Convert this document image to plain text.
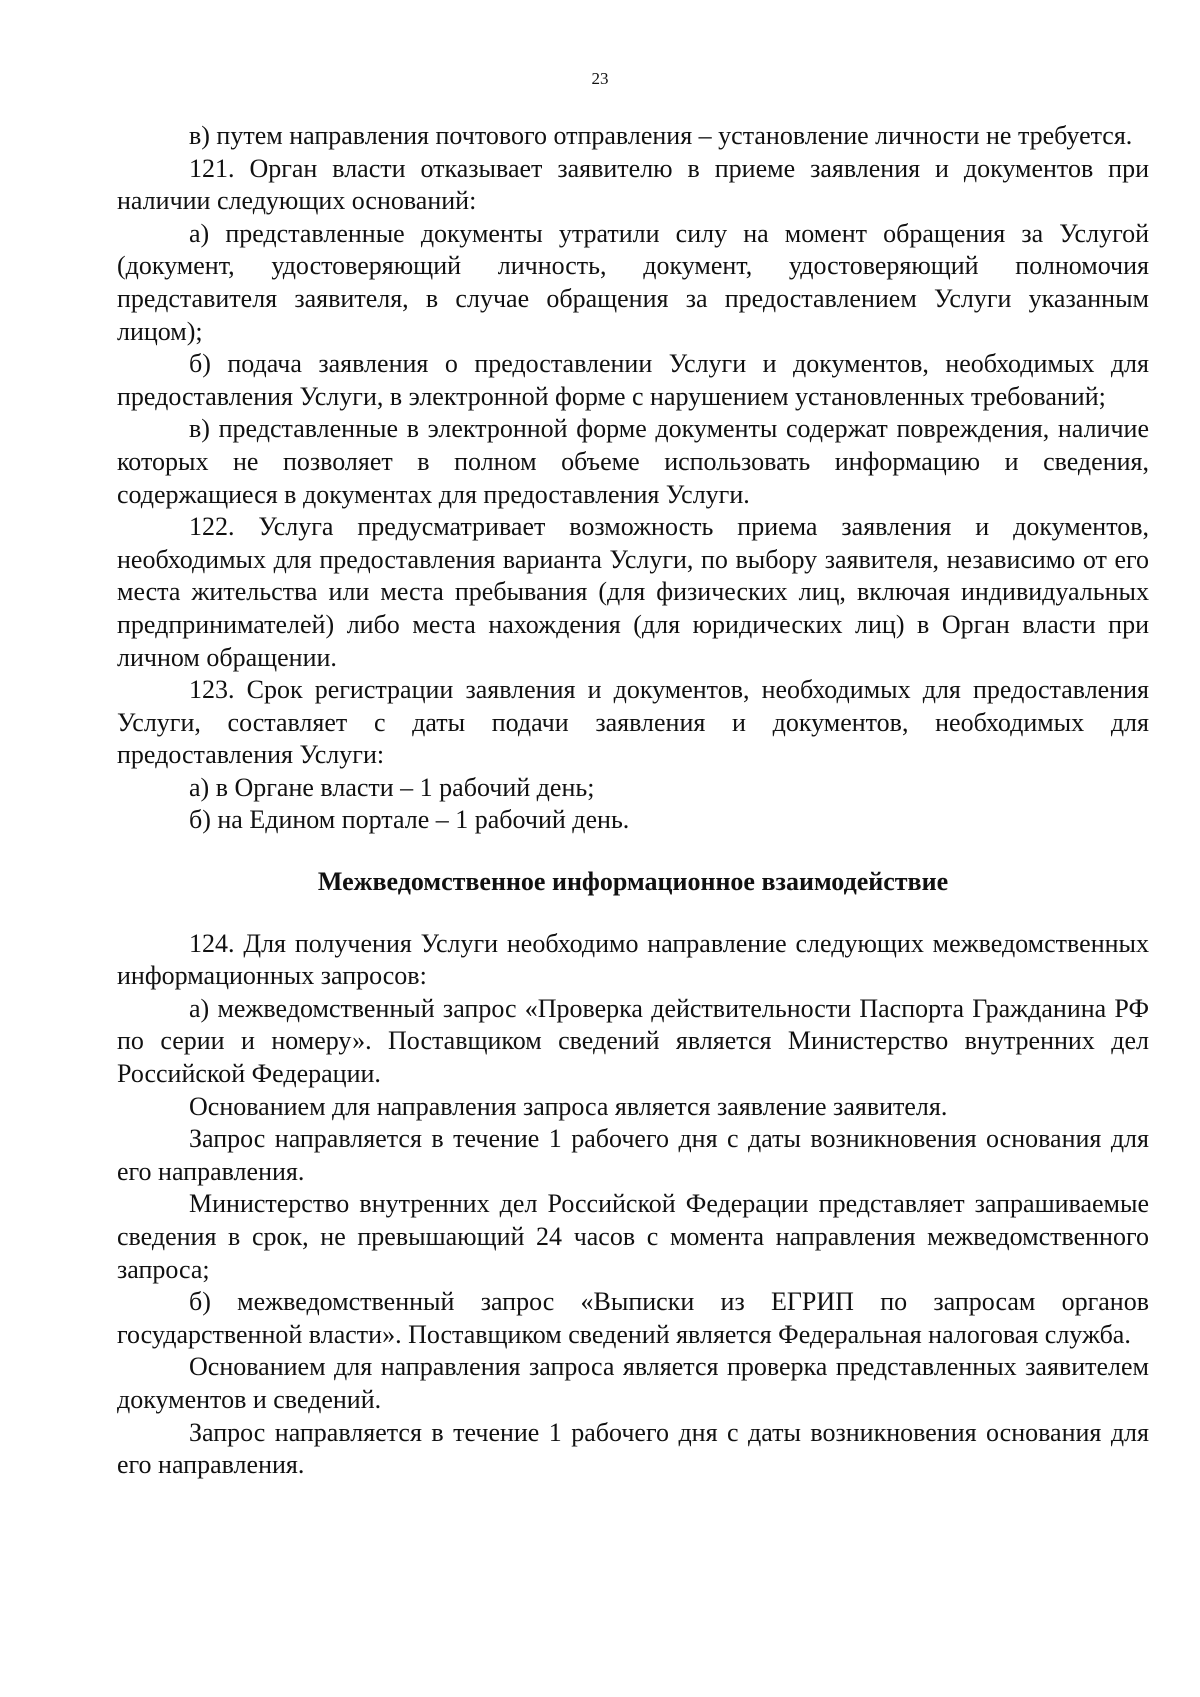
23

в) путем направления почтового отправления – установление личности не требуется.

121. Орган власти отказывает заявителю в приеме заявления и документов при наличии следующих оснований:

а) представленные документы утратили силу на момент обращения за Услугой (документ, удостоверяющий личность, документ, удостоверяющий полномочия представителя заявителя, в случае обращения за предоставлением Услуги указанным лицом);

б) подача заявления о предоставлении Услуги и документов, необходимых для предоставления Услуги, в электронной форме с нарушением установленных требований;

в) представленные в электронной форме документы содержат повреждения, наличие которых не позволяет в полном объеме использовать информацию и сведения, содержащиеся в документах для предоставления Услуги.

122. Услуга предусматривает возможность приема заявления и документов, необходимых для предоставления варианта Услуги, по выбору заявителя, независимо от его места жительства или места пребывания (для физических лиц, включая индивидуальных предпринимателей) либо места нахождения (для юридических лиц) в Орган власти при личном обращении.

123. Срок регистрации заявления и документов, необходимых для предоставления Услуги, составляет с даты подачи заявления и документов, необходимых для предоставления Услуги:

а) в Органе власти – 1 рабочий день;

б) на Едином портале – 1 рабочий день.

Межведомственное информационное взаимодействие

124. Для получения Услуги необходимо направление следующих межведомственных информационных запросов:

а) межведомственный запрос «Проверка действительности Паспорта Гражданина РФ по серии и номеру». Поставщиком сведений является Министерство внутренних дел Российской Федерации.

Основанием для направления запроса является заявление заявителя.

Запрос направляется в течение 1 рабочего дня с даты возникновения основания для его направления.

Министерство внутренних дел Российской Федерации представляет запрашиваемые сведения в срок, не превышающий 24 часов с момента направления межведомственного запроса;

б) межведомственный запрос «Выписки из ЕГРИП по запросам органов государственной власти». Поставщиком сведений является Федеральная налоговая служба.

Основанием для направления запроса является проверка представленных заявителем документов и сведений.

Запрос направляется в течение 1 рабочего дня с даты возникновения основания для его направления.
